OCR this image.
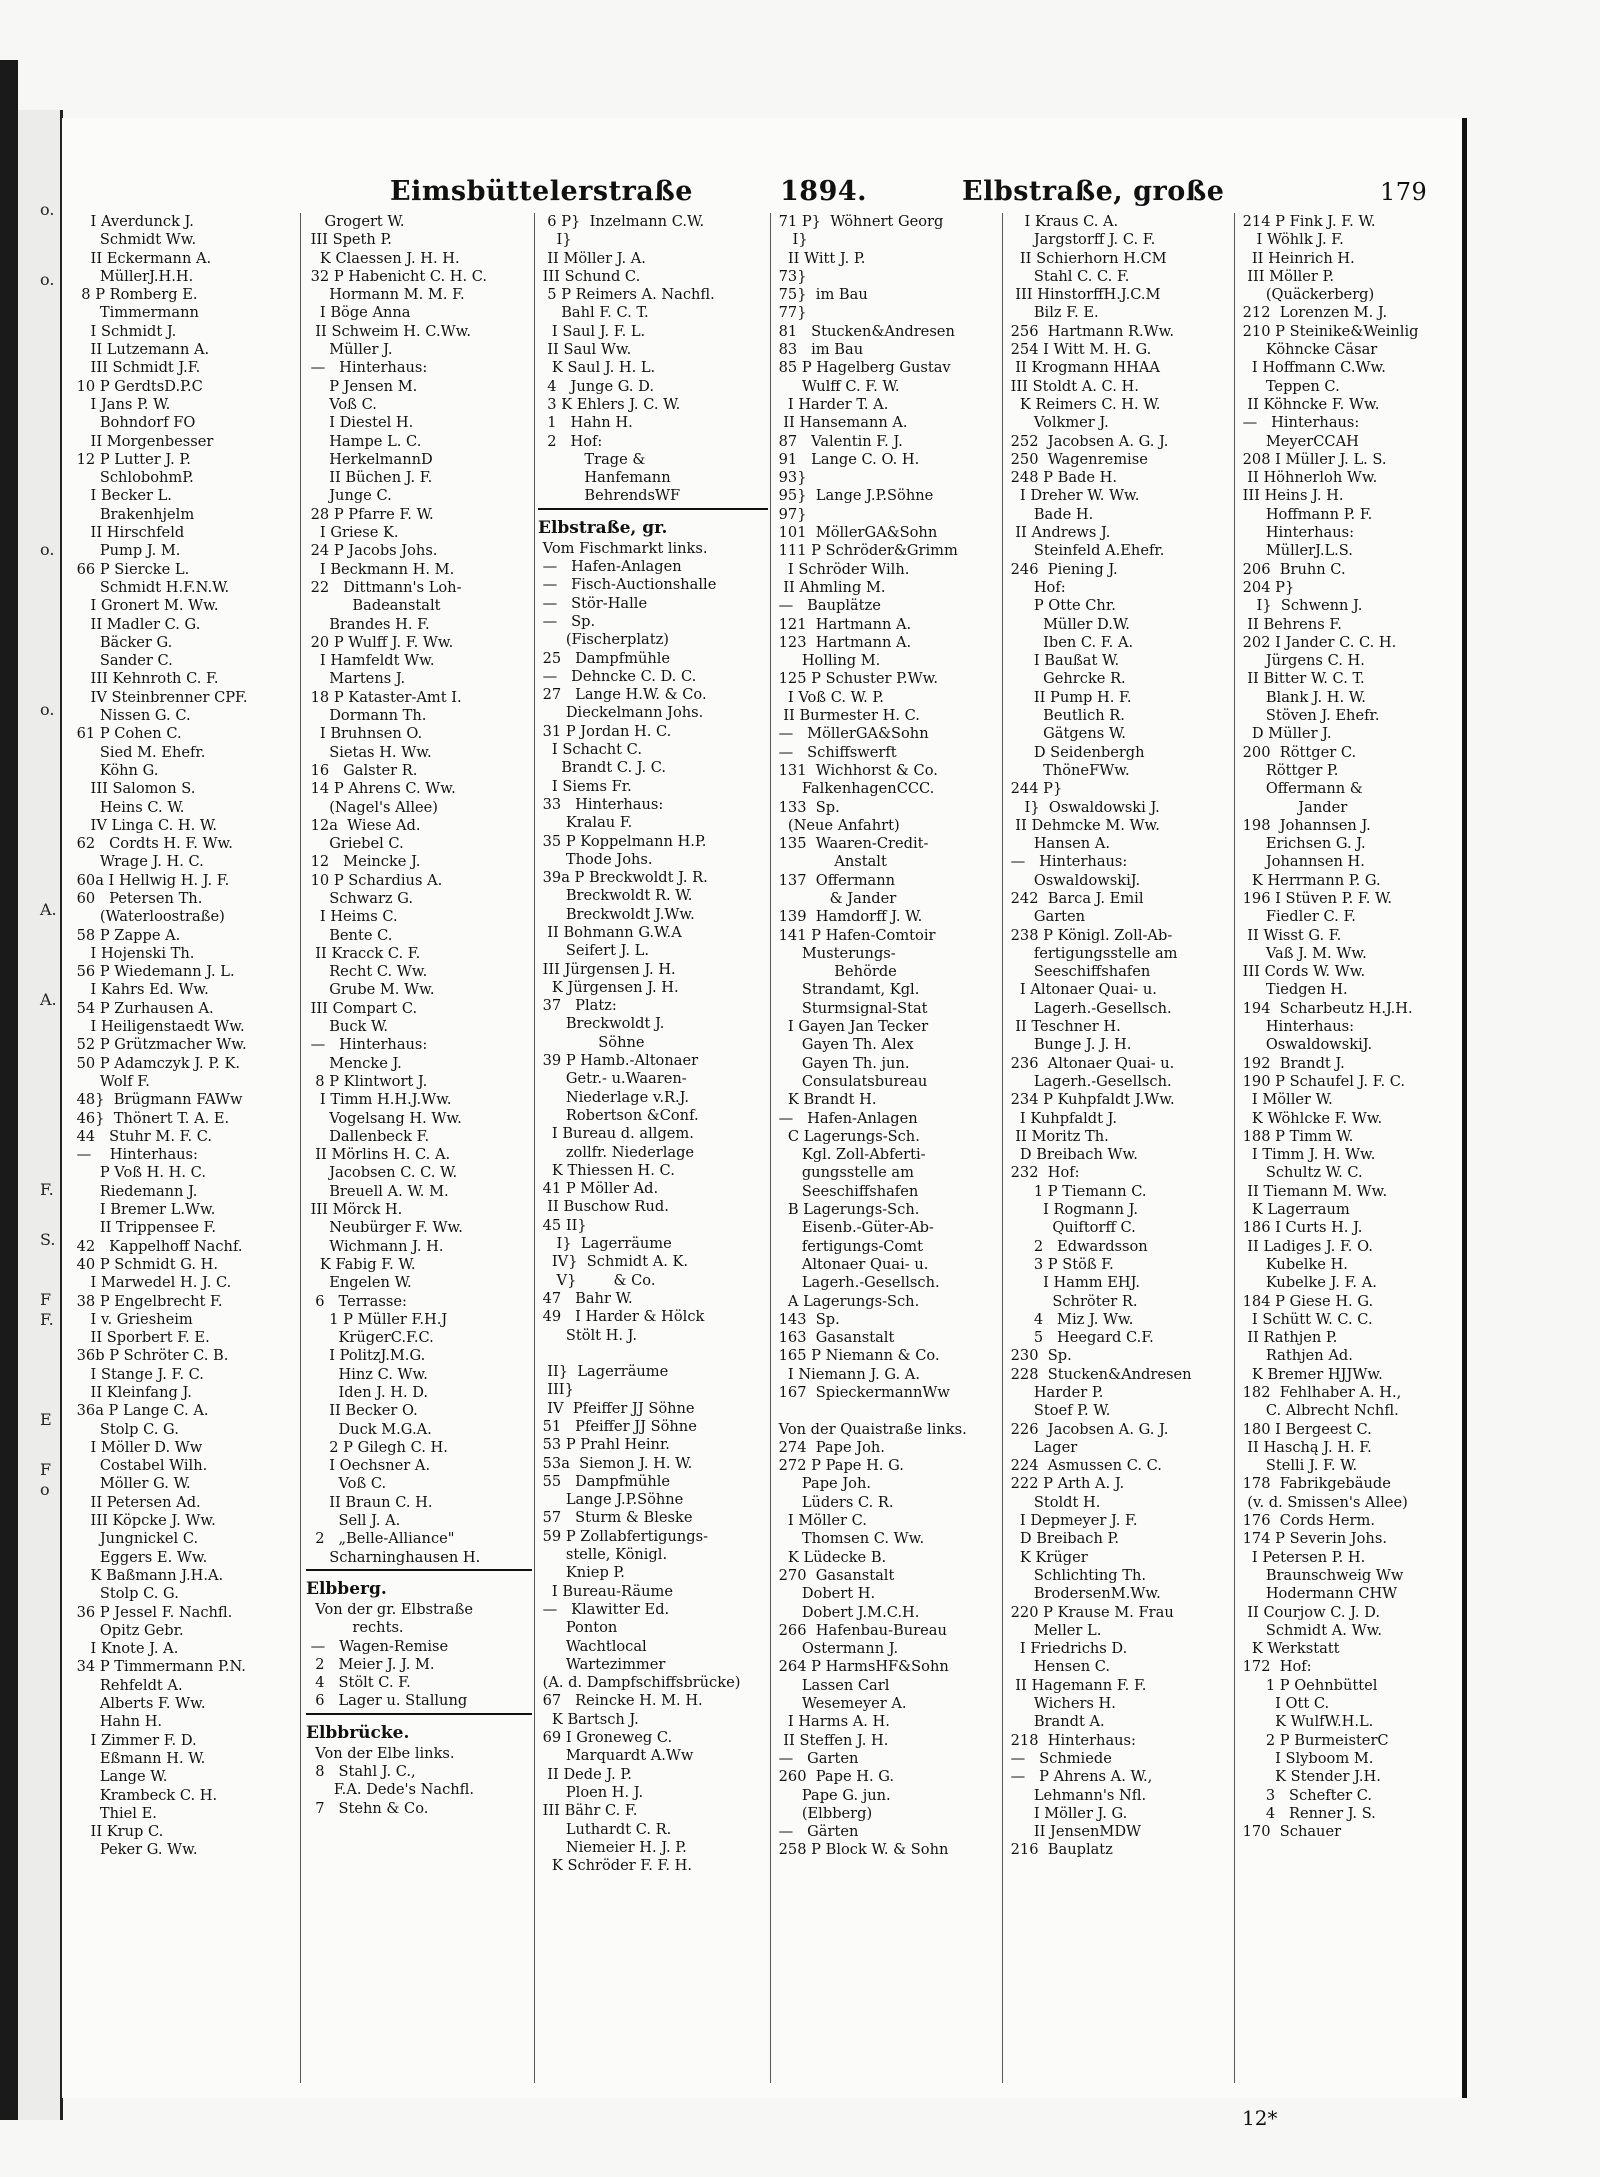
o.
o.
o.
o.
A.
A.
F.
S.
F
F.
E
F
o
Eimsbüttelerstraße	1894.	Elbstraße, große	179
I Averdunck J.
Schmidt Ww.
II Eckermann A.
MüllerJ.H.H.
8 P Romberg E.
Timmermann
I Schmidt J.
II Lutzemann A.
III Schmidt J.F.
10 P GerdtsD.P.C
I Jans P. W.
Bohndorf FO
II Morgenbesser
12 P Lutter J. P.
SchlobohmP.
I Becker L.
Brakenhjelm
II Hirschfeld
Pump J. M.
66 P Siercke L.
Schmidt H.F.N.W.
I Gronert M. Ww.
II Madler C. G.
Bäcker G.
Sander C.
III Kehnroth C. F.
IV Steinbrenner CPF.
Nissen G. C.
61 P Cohen C.
Sied M. Ehefr.
Köhn G.
III Salomon S.
Heins C. W.
IV Linga C. H. W.
62   Cordts H. F. Ww.
Wrage J. H. C.
60a I Hellwig H. J. F.
60   Petersen Th.
(Waterloostraße)
58 P Zappe A.
I Hojenski Th.
56 P Wiedemann J. L.
I Kahrs Ed. Ww.
54 P Zurhausen A.
I Heiligenstaedt Ww.
52 P Grützmacher Ww.
50 P Adamczyk J. P. K.
Wolf F.
48}  Brügmann FAWw
46}  Thönert T. A. E.
44   Stuhr M. F. C.
—    Hinterhaus:
P Voß H. H. C.
Riedemann J.
I Bremer L.Ww.
II Trippensee F.
42   Kappelhoff Nachf.
40 P Schmidt G. H.
I Marwedel H. J. C.
38 P Engelbrecht F.
I v. Griesheim
II Sporbert F. E.
36b P Schröter C. B.
I Stange J. F. C.
II Kleinfang J.
36a P Lange C. A.
Stolp C. G.
I Möller D. Ww
Costabel Wilh.
Möller G. W.
II Petersen Ad.
III Köpcke J. Ww.
Jungnickel C.
Eggers E. Ww.
K Baßmann J.H.A.
Stolp C. G.
36 P Jessel F. Nachfl.
Opitz Gebr.
I Knote J. A.
34 P Timmermann P.N.
Rehfeldt A.
Alberts F. Ww.
Hahn H.
I Zimmer F. D.
Eßmann H. W.
Lange W.
Krambeck C. H.
Thiel E.
II Krup C.
Peker G. Ww.
Grogert W.
III Speth P.
K Claessen J. H. H.
32 P Habenicht C. H. C.
Hormann M. M. F.
I Böge Anna
II Schweim H. C.Ww.
Müller J.
—   Hinterhaus:
P Jensen M.
Voß C.
I Diestel H.
Hampe L. C.
HerkelmannD
II Büchen J. F.
Junge C.
28 P Pfarre F. W.
I Griese K.
24 P Jacobs Johs.
I Beckmann H. M.
22   Dittmann's Loh-
Badeanstalt
Brandes H. F.
20 P Wulff J. F. Ww.
I Hamfeldt Ww.
Martens J.
18 P Kataster-Amt I.
Dormann Th.
I Bruhnsen O.
Sietas H. Ww.
16   Galster R.
14 P Ahrens C. Ww.
(Nagel's Allee)
12a  Wiese Ad.
Griebel C.
12   Meincke J.
10 P Schardius A.
Schwarz G.
I Heims C.
Bente C.
II Kracck C. F.
Recht C. Ww.
Grube M. Ww.
III Compart C.
Buck W.
—   Hinterhaus:
Mencke J.
8 P Klintwort J.
I Timm H.H.J.Ww.
Vogelsang H. Ww.
Dallenbeck F.
II Mörlins H. C. A.
Jacobsen C. C. W.
Breuell A. W. M.
III Mörck H.
Neubürger F. Ww.
Wichmann J. H.
K Fabig F. W.
Engelen W.
6   Terrasse:
1 P Müller F.H.J
KrügerC.F.C.
I PolitzJ.M.G.
Hinz C. Ww.
Iden J. H. D.
II Becker O.
Duck M.G.A.
2 P Gilegh C. H.
I Oechsner A.
Voß C.
II Braun C. H.
Sell J. A.
2   „Belle-Alliance"
Scharninghausen H.
Elbberg.
Von der gr. Elbstraße
rechts.
—   Wagen-Remise
2   Meier J. J. M.
4   Stölt C. F.
6   Lager u. Stallung
Elbbrücke.
Von der Elbe links.
8   Stahl J. C.,
F.A. Dede's Nachfl.
7   Stehn & Co.
6 P}  Inzelmann C.W.
I}
II Möller J. A.
III Schund C.
5 P Reimers A. Nachfl.
Bahl F. C. T.
I Saul J. F. L.
II Saul Ww.
K Saul J. H. L.
4   Junge G. D.
3 K Ehlers J. C. W.
1   Hahn H.
2   Hof:
Trage &
Hanfemann
BehrendsWF
Elbstraße, gr.
Vom Fischmarkt links.
—   Hafen-Anlagen
—   Fisch-Auctionshalle
—   Stör-Halle
—   Sp.
(Fischerplatz)
25   Dampfmühle
—   Dehncke C. D. C.
27   Lange H.W. & Co.
Dieckelmann Johs.
31 P Jordan H. C.
I Schacht C.
Brandt C. J. C.
I Siems Fr.
33   Hinterhaus:
Kralau F.
35 P Koppelmann H.P.
Thode Johs.
39a P Breckwoldt J. R.
Breckwoldt R. W.
Breckwoldt J.Ww.
II Bohmann G.W.A
Seifert J. L.
III Jürgensen J. H.
K Jürgensen J. H.
37   Platz:
Breckwoldt J.
Söhne
39 P Hamb.-Altonaer
Getr.- u.Waaren-
Niederlage v.R.J.
Robertson &Conf.
I Bureau d. allgem.
zollfr. Niederlage
K Thiessen H. C.
41 P Möller Ad.
II Buschow Rud.
45 II}
I}  Lagerräume
IV}  Schmidt A. K.
V}        & Co.
47   Bahr W.
49   I Harder & Hölck
Stölt H. J.
II}  Lagerräume
III}
IV  Pfeiffer JJ Söhne
51   Pfeiffer JJ Söhne
53 P Prahl Heinr.
53a  Siemon J. H. W.
55   Dampfmühle
Lange J.P.Söhne
57   Sturm & Bleske
59 P Zollabfertigungs-
stelle, Königl.
Kniep P.
I Bureau-Räume
—   Klawitter Ed.
Ponton
Wachtlocal
Wartezimmer
(A. d. Dampfschiffsbrücke)
67   Reincke H. M. H.
K Bartsch J.
69 I Groneweg C.
Marquardt A.Ww
II Dede J. P.
Ploen H. J.
III Bähr C. F.
Luthardt C. R.
Niemeier H. J. P.
K Schröder F. F. H.
71 P}  Wöhnert Georg
I}
II Witt J. P.
73}
75}  im Bau
77}
81   Stucken&Andresen
83   im Bau
85 P Hagelberg Gustav
Wulff C. F. W.
I Harder T. A.
II Hansemann A.
87   Valentin F. J.
91   Lange C. O. H.
93}
95}  Lange J.P.Söhne
97}
101  MöllerGA&Sohn
111 P Schröder&Grimm
I Schröder Wilh.
II Ahmling M.
—   Bauplätze
121  Hartmann A.
123  Hartmann A.
Holling M.
125 P Schuster P.Ww.
I Voß C. W. P.
II Burmester H. C.
—   MöllerGA&Sohn
—   Schiffswerft
131  Wichhorst & Co.
FalkenhagenCCC.
133  Sp.
(Neue Anfahrt)
135  Waaren-Credit-
Anstalt
137  Offermann
& Jander
139  Hamdorff J. W.
141 P Hafen-Comtoir
Musterungs-
Behörde
Strandamt, Kgl.
Sturmsignal-Stat
I Gayen Jan Tecker
Gayen Th. Alex
Gayen Th. jun.
Consulatsbureau
K Brandt H.
—   Hafen-Anlagen
C Lagerungs-Sch.
Kgl. Zoll-Abferti-
gungsstelle am
Seeschiffshafen
B Lagerungs-Sch.
Eisenb.-Güter-Ab-
fertigungs-Comt
Altonaer Quai- u.
Lagerh.-Gesellsch.
A Lagerungs-Sch.
143  Sp.
163  Gasanstalt
165 P Niemann & Co.
I Niemann J. G. A.
167  SpieckermannWw
Von der Quaistraße links.
274  Pape Joh.
272 P Pape H. G.
Pape Joh.
Lüders C. R.
I Möller C.
Thomsen C. Ww.
K Lüdecke B.
270  Gasanstalt
Dobert H.
Dobert J.M.C.H.
266  Hafenbau-Bureau
Ostermann J.
264 P HarmsHF&Sohn
Lassen Carl
Wesemeyer A.
I Harms A. H.
II Steffen J. H.
—   Garten
260  Pape H. G.
Pape G. jun.
(Elbberg)
—   Gärten
258 P Block W. & Sohn
I Kraus C. A.
Jargstorff J. C. F.
II Schierhorn H.CM
Stahl C. C. F.
III HinstorffH.J.C.M
Bilz F. E.
256  Hartmann R.Ww.
254 I Witt M. H. G.
II Krogmann HHAA
III Stoldt A. C. H.
K Reimers C. H. W.
Volkmer J.
252  Jacobsen A. G. J.
250  Wagenremise
248 P Bade H.
I Dreher W. Ww.
Bade H.
II Andrews J.
Steinfeld A.Ehefr.
246  Piening J.
Hof:
P Otte Chr.
Müller D.W.
Iben C. F. A.
I Baußat W.
Gehrcke R.
II Pump H. F.
Beutlich R.
Gätgens W.
D Seidenbergh
ThöneFWw.
244 P}
I}  Oswaldowski J.
II Dehmcke M. Ww.
Hansen A.
—   Hinterhaus:
OswaldowskiJ.
242  Barca J. Emil
Garten
238 P Königl. Zoll-Ab-
fertigungsstelle am
Seeschiffshafen
I Altonaer Quai- u.
Lagerh.-Gesellsch.
II Teschner H.
Bunge J. J. H.
236  Altonaer Quai- u.
Lagerh.-Gesellsch.
234 P Kuhpfaldt J.Ww.
I Kuhpfaldt J.
II Moritz Th.
D Breibach Ww.
232  Hof:
1 P Tiemann C.
I Rogmann J.
Quiftorff C.
2   Edwardsson
3 P Stöß F.
I Hamm EHJ.
Schröter R.
4   Miz J. Ww.
5   Heegard C.F.
230  Sp.
228  Stucken&Andresen
Harder P.
Stoef P. W.
226  Jacobsen A. G. J.
Lager
224  Asmussen C. C.
222 P Arth A. J.
Stoldt H.
I Depmeyer J. F.
D Breibach P.
K Krüger
Schlichting Th.
BrodersenM.Ww.
220 P Krause M. Frau
Meller L.
I Friedrichs D.
Hensen C.
II Hagemann F. F.
Wichers H.
Brandt A.
218  Hinterhaus:
—   Schmiede
—   P Ahrens A. W.,
Lehmann's Nfl.
I Möller J. G.
II JensenMDW
216  Bauplatz
214 P Fink J. F. W.
I Wöhlk J. F.
II Heinrich H.
III Möller P.
(Quäckerberg)
212  Lorenzen M. J.
210 P Steinike&Weinlig
Köhncke Cäsar
I Hoffmann C.Ww.
Teppen C.
II Köhncke F. Ww.
—   Hinterhaus:
MeyerCCAH
208 I Müller J. L. S.
II Höhnerloh Ww.
III Heins J. H.
Hoffmann P. F.
Hinterhaus:
MüllerJ.L.S.
206  Bruhn C.
204 P}
I}  Schwenn J.
II Behrens F.
202 I Jander C. C. H.
Jürgens C. H.
II Bitter W. C. T.
Blank J. H. W.
Stöven J. Ehefr.
D Müller J.
200  Röttger C.
Röttger P.
Offermann &
Jander
198  Johannsen J.
Erichsen G. J.
Johannsen H.
K Herrmann P. G.
196 I Stüven P. F. W.
Fiedler C. F.
II Wisst G. F.
Vaß J. M. Ww.
III Cords W. Ww.
Tiedgen H.
194  Scharbeutz H.J.H.
Hinterhaus:
OswaldowskiJ.
192  Brandt J.
190 P Schaufel J. F. C.
I Möller W.
K Wöhlcke F. Ww.
188 P Timm W.
I Timm J. H. Ww.
Schultz W. C.
II Tiemann M. Ww.
K Lagerraum
186 I Curts H. J.
II Ladiges J. F. O.
Kubelke H.
Kubelke J. F. A.
184 P Giese H. G.
I Schütt W. C. C.
II Rathjen P.
Rathjen Ad.
K Bremer HJJWw.
182  Fehlhaber A. H.,
C. Albrecht Nchfl.
180 I Bergeest C.
II Haschą J. H. F.
Stelli J. F. W.
178  Fabrikgebäude
(v. d. Smissen's Allee)
176  Cords Herm.
174 P Severin Johs.
I Petersen P. H.
Braunschweig Ww
Hodermann CHW
II Courjow C. J. D.
Schmidt A. Ww.
K Werkstatt
172  Hof:
1 P Oehnbüttel
I Ott C.
K WulfW.H.L.
2 P BurmeisterC
I Slyboom M.
K Stender J.H.
3   Schefter C.
4   Renner J. S.
170  Schauer
12*
